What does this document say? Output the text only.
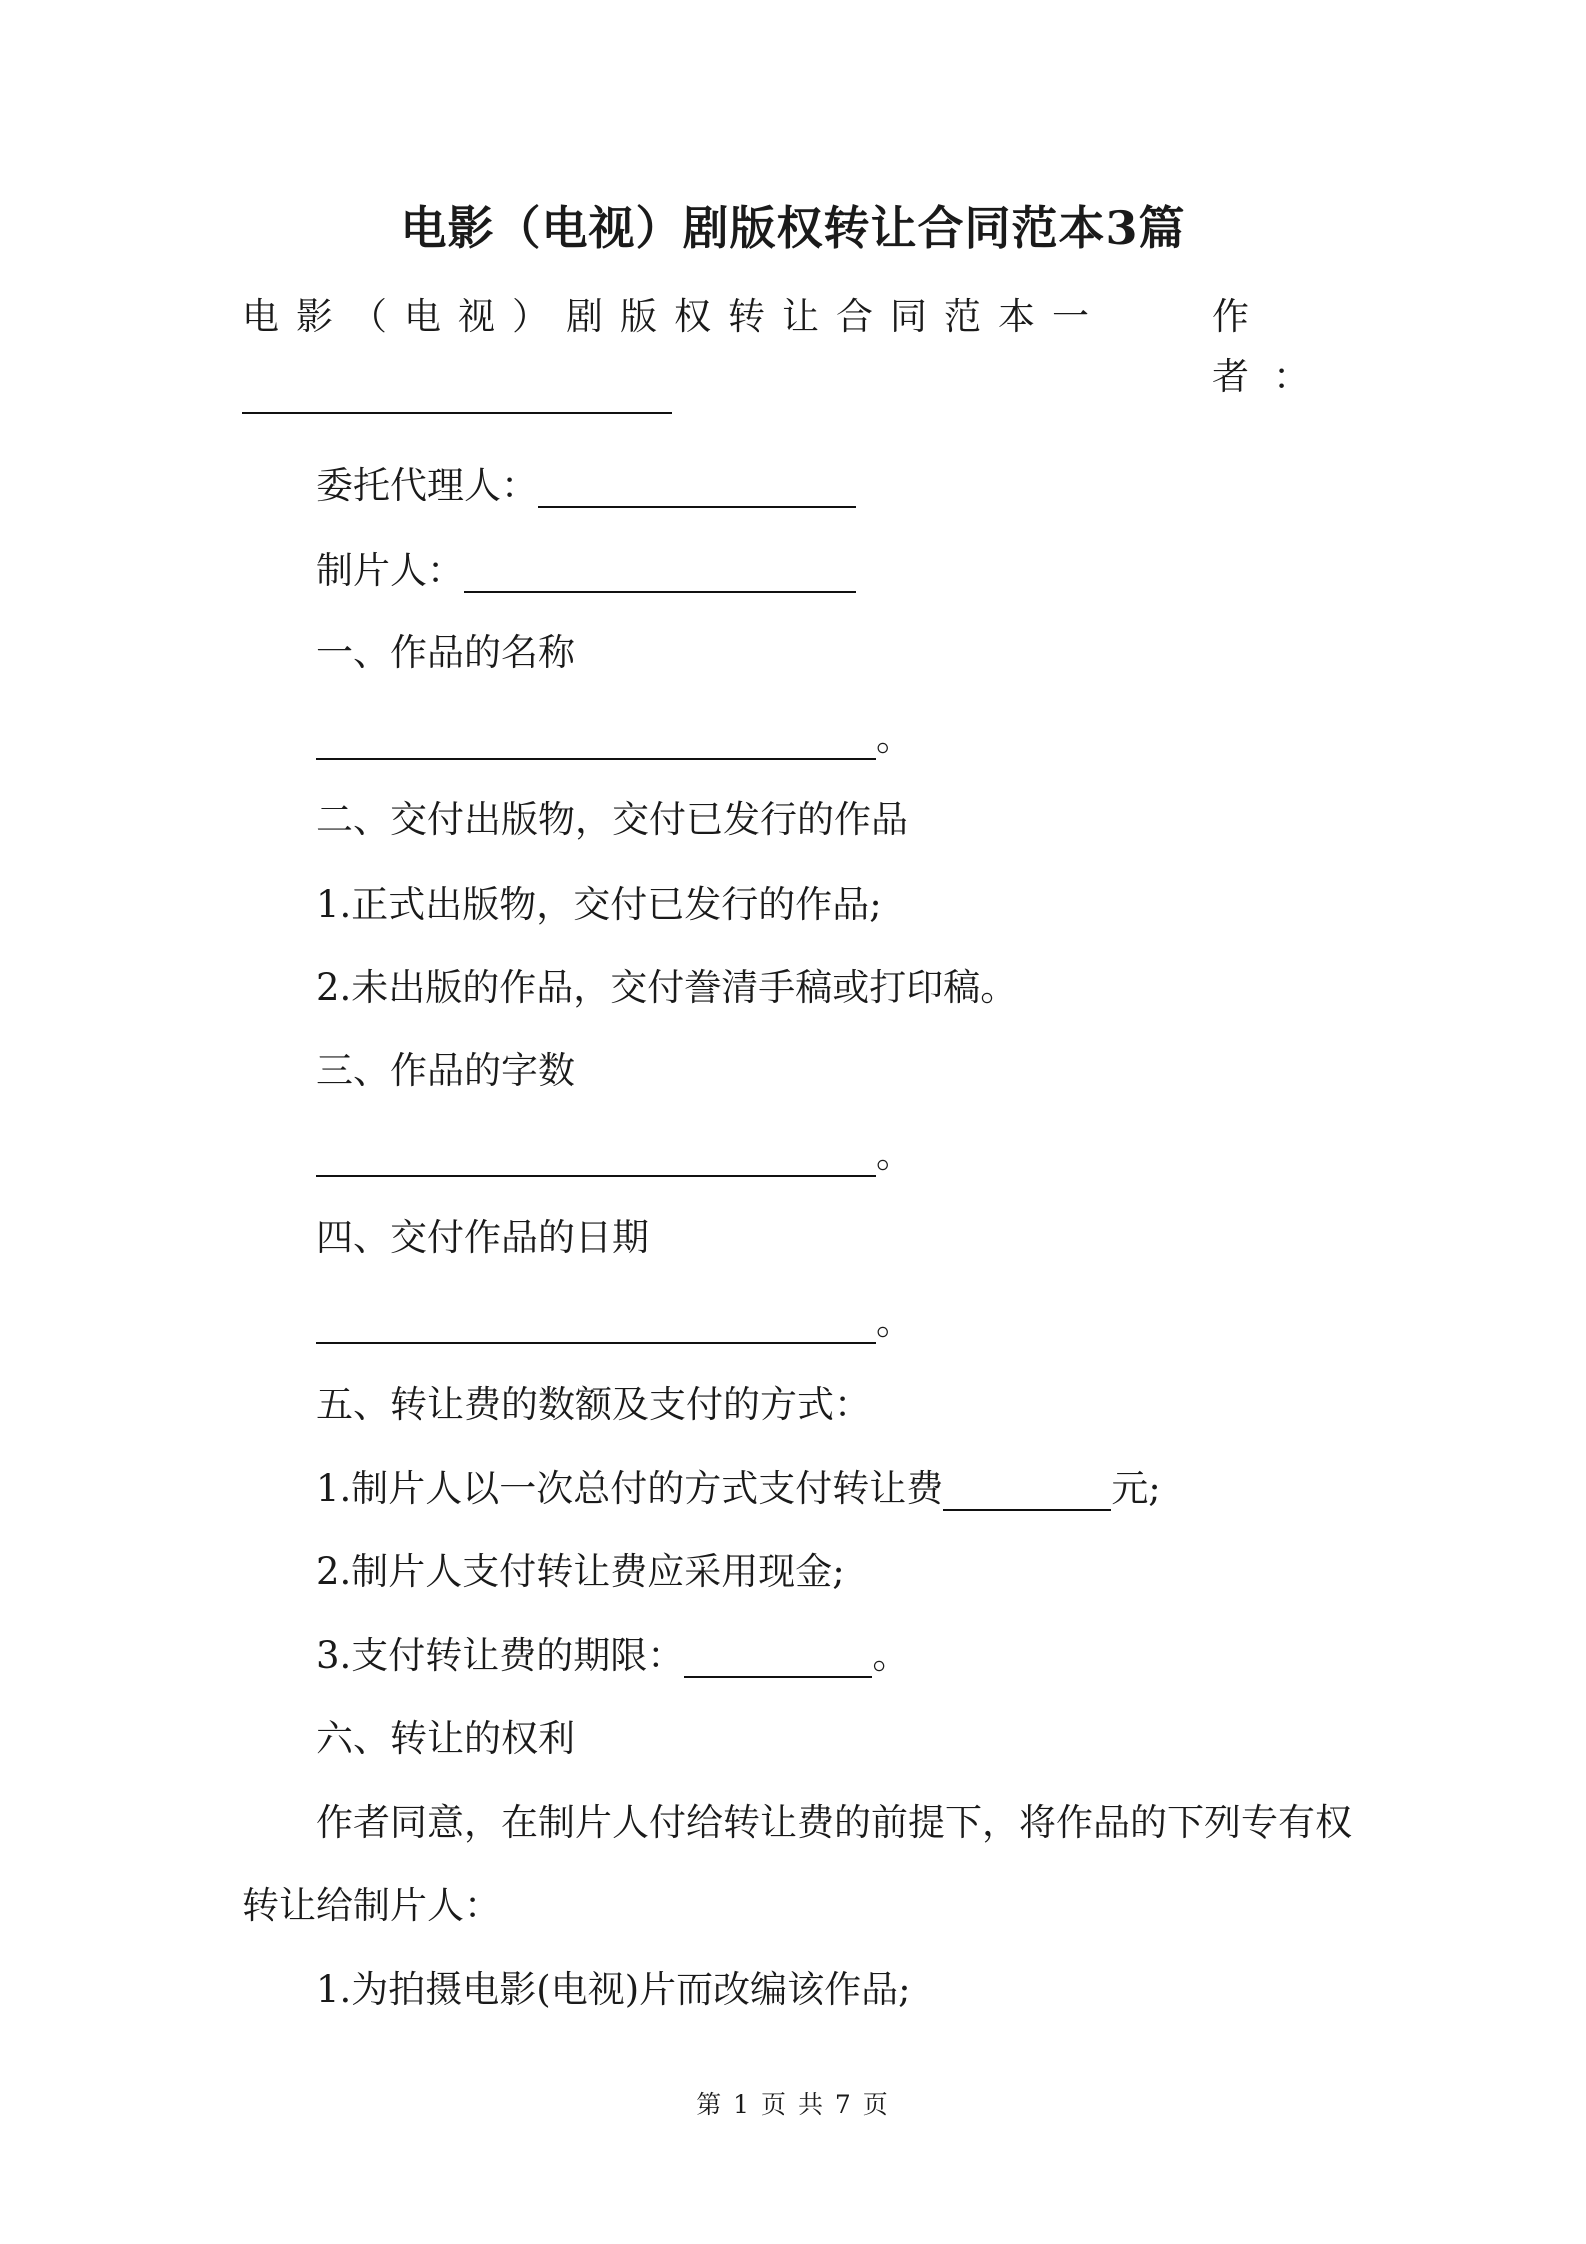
电影（电视）剧版权转让合同范本3篇
电影（电视）剧版权转让合同范本一	作者：
委托代理人：
制片人：
一、作品的名称
。
二、交付出版物，交付已发行的作品
1.正式出版物，交付已发行的作品;
2.未出版的作品，交付誊清手稿或打印稿。
三、作品的字数
。
四、交付作品的日期
。
五、转让费的数额及支付的方式：
1.制片人以一次总付的方式支付转让费	元;
2.制片人支付转让费应采用现金;
3.支付转让费的期限：	。
六、转让的权利
作者同意，在制片人付给转让费的前提下，将作品的下列专有权
转让给制片人：
1.为拍摄电影(电视)片而改编该作品;
第 1 页 共 7 页
